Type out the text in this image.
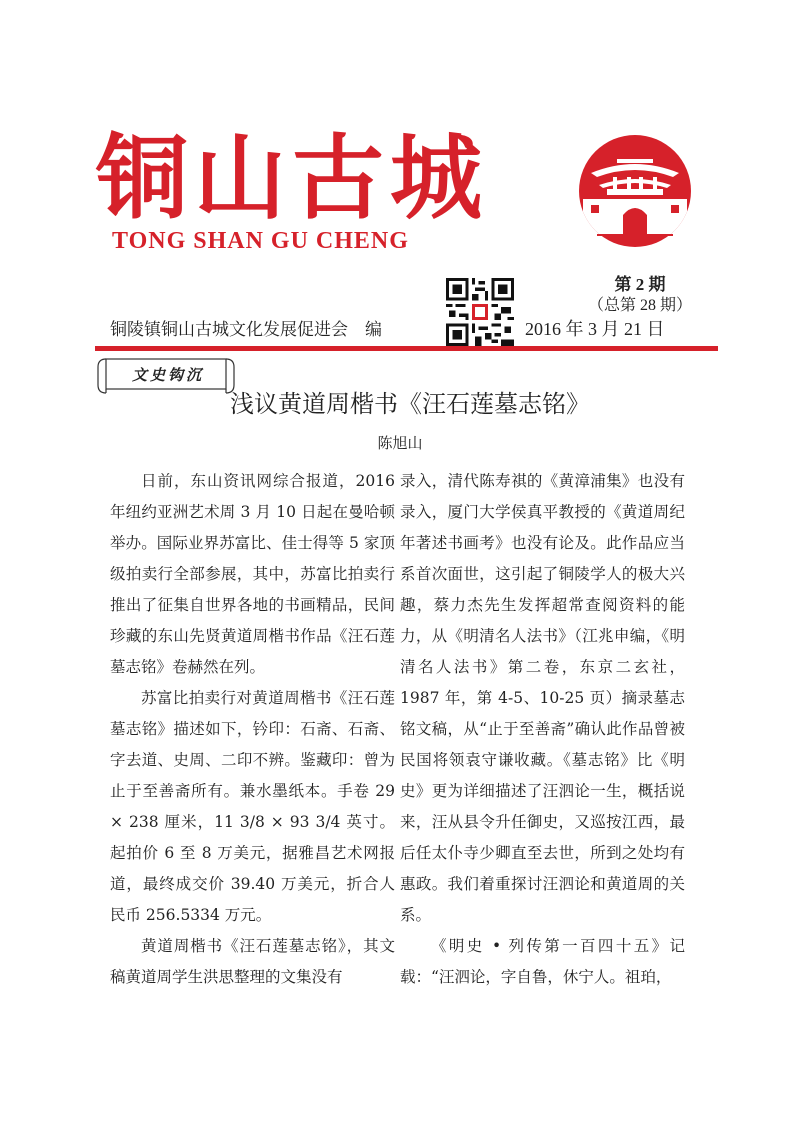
铜山古城
TONG SHAN GU CHENG
第 2 期
（总第 28 期）
2016 年 3 月 21 日
铜陵镇铜山古城文化发展促进会　编
文史钩沉
浅议黄道周楷书《汪石莲墓志铭》
陈旭山

日前，东山资讯网综合报道，2016年纽约亚洲艺术周 3 月 10 日起在曼哈顿举办。国际业界苏富比、佳士得等 5 家顶级拍卖行全部参展，其中，苏富比拍卖行推出了征集自世界各地的书画精品，民间珍藏的东山先贤黄道周楷书作品《汪石莲墓志铭》卷赫然在列。

苏富比拍卖行对黄道周楷书《汪石莲墓志铭》描述如下，钤印：石斋、石斋、字去道、史周、二印不辨。鉴藏印：曾为止于至善斋所有。兼水墨纸本。手卷 29 × 238 厘米，11 3/8 × 93 3/4 英寸。起拍价 6 至 8 万美元，据雅昌艺术网报道，最终成交价 39.40 万美元，折合人民币 256.5334 万元。

黄道周楷书《汪石莲墓志铭》，其文稿黄道周学生洪思整理的文集没有

录入，清代陈寿祺的《黄漳浦集》也没有录入，厦门大学侯真平教授的《黄道周纪年著述书画考》也没有论及。此作品应当系首次面世，这引起了铜陵学人的极大兴趣，蔡力杰先生发挥超常查阅资料的能力，从《明清名人法书》（江兆申编，《明清名人法书》第二卷，东京二玄社，1987 年，第 4-5、10-25 页）摘录墓志铭文稿，从“止于至善斋”确认此作品曾被民国将领袁守谦收藏。《墓志铭》比《明史》更为详细描述了汪泗论一生，概括说来，汪从县令升任御史，又巡按江西，最后任太仆寺少卿直至去世，所到之处均有惠政。我们着重探讨汪泗论和黄道周的关系。

《明史 • 列传第一百四十五》记载：“汪泗论，字自鲁，休宁人。祖珀，
